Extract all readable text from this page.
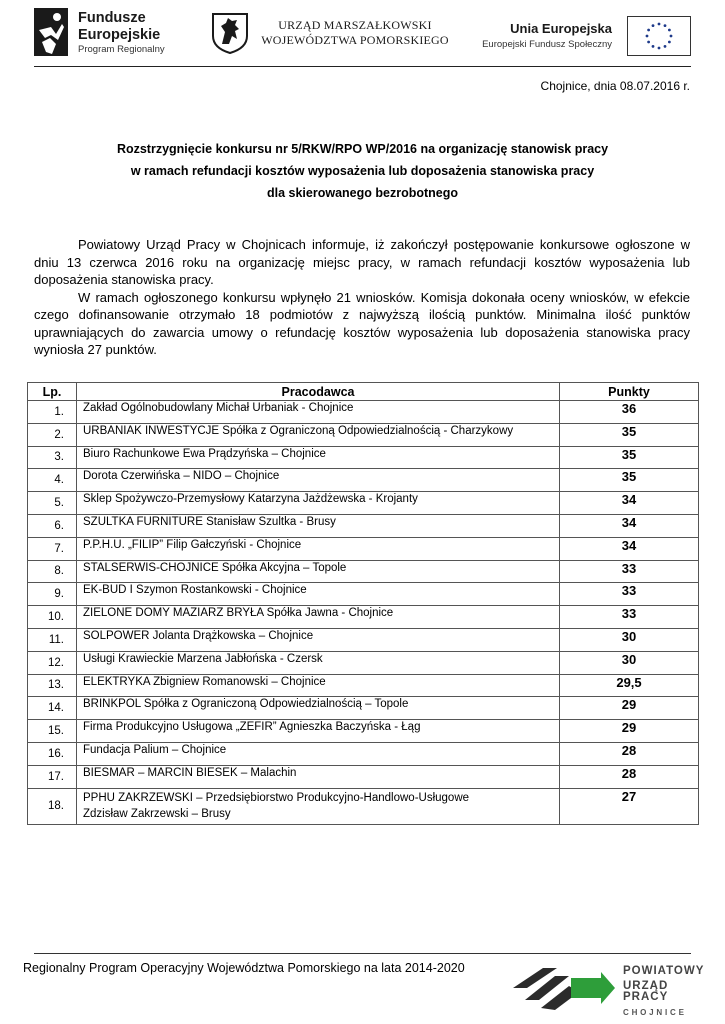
Fundusze
Europejskie
Program Regionalny
URZĄD MARSZAŁKOWSKI
WOJEWÓDZTWA POMORSKIEGO
Unia Europejska
Europejski Fundusz Społeczny
Chojnice, dnia 08.07.2016 r.
Rozstrzygnięcie konkursu nr 5/RKW/RPO WP/2016 na organizację stanowisk pracy
w ramach refundacji kosztów wyposażenia lub doposażenia stanowiska pracy
dla skierowanego bezrobotnego

Powiatowy Urząd Pracy w Chojnicach informuje, iż zakończył postępowanie konkursowe ogłoszone w dniu 13 czerwca 2016 roku na organizację miejsc pracy, w ramach refundacji kosztów wyposażenia lub doposażenia stanowiska pracy.

W ramach ogłoszonego konkursu wpłynęło 21 wniosków. Komisja dokonała oceny wniosków, w efekcie czego dofinansowanie otrzymało 18 podmiotów z najwyższą ilością punktów. Minimalna ilość punktów uprawniających do zawarcia umowy o refundację kosztów wyposażenia lub doposażenia stanowiska pracy wyniosła 27 punktów.

Lp.	Pracodawca	Punkty
1.	Zakład Ogólnobudowlany Michał Urbaniak - Chojnice	36
2.	URBANIAK INWESTYCJE Spółka z Ograniczoną Odpowiedzialnością - Charzykowy	35
3.	Biuro Rachunkowe Ewa Prądzyńska – Chojnice	35
4.	Dorota Czerwińska – NIDO – Chojnice	35
5.	Sklep Spożywczo-Przemysłowy Katarzyna Jażdżewska - Krojanty	34
6.	SZULTKA FURNITURE Stanisław Szultka - Brusy	34
7.	P.P.H.U. „FILIP” Filip Gałczyński - Chojnice	34
8.	STALSERWIS-CHOJNICE Spółka Akcyjna – Topole	33
9.	EK-BUD I Szymon Rostankowski - Chojnice	33
10.	ZIELONE DOMY MAZIARZ BRYŁA Spółka Jawna - Chojnice	33
11.	SOLPOWER Jolanta Drążkowska – Chojnice	30
12.	Usługi Krawieckie Marzena Jabłońska - Czersk	30
13.	ELEKTRYKA Zbigniew Romanowski – Chojnice	29,5
14.	BRINKPOL Spółka z Ograniczoną Odpowiedzialnością – Topole	29
15.	Firma Produkcyjno Usługowa „ZEFIR” Agnieszka Baczyńska - Łąg	29
16.	Fundacja Palium – Chojnice	28
17.	BIESMAR – MARCIN BIESEK – Malachin	28
18.	PPHU ZAKRZEWSKI – Przedsiębiorstwo Produkcyjno-Handlowo-Usługowe
Zdzisław Zakrzewski – Brusy	27
Regionalny Program Operacyjny Województwa Pomorskiego na lata 2014-2020	POWIATOWY
URZĄD PRACY
CHOJNICE
